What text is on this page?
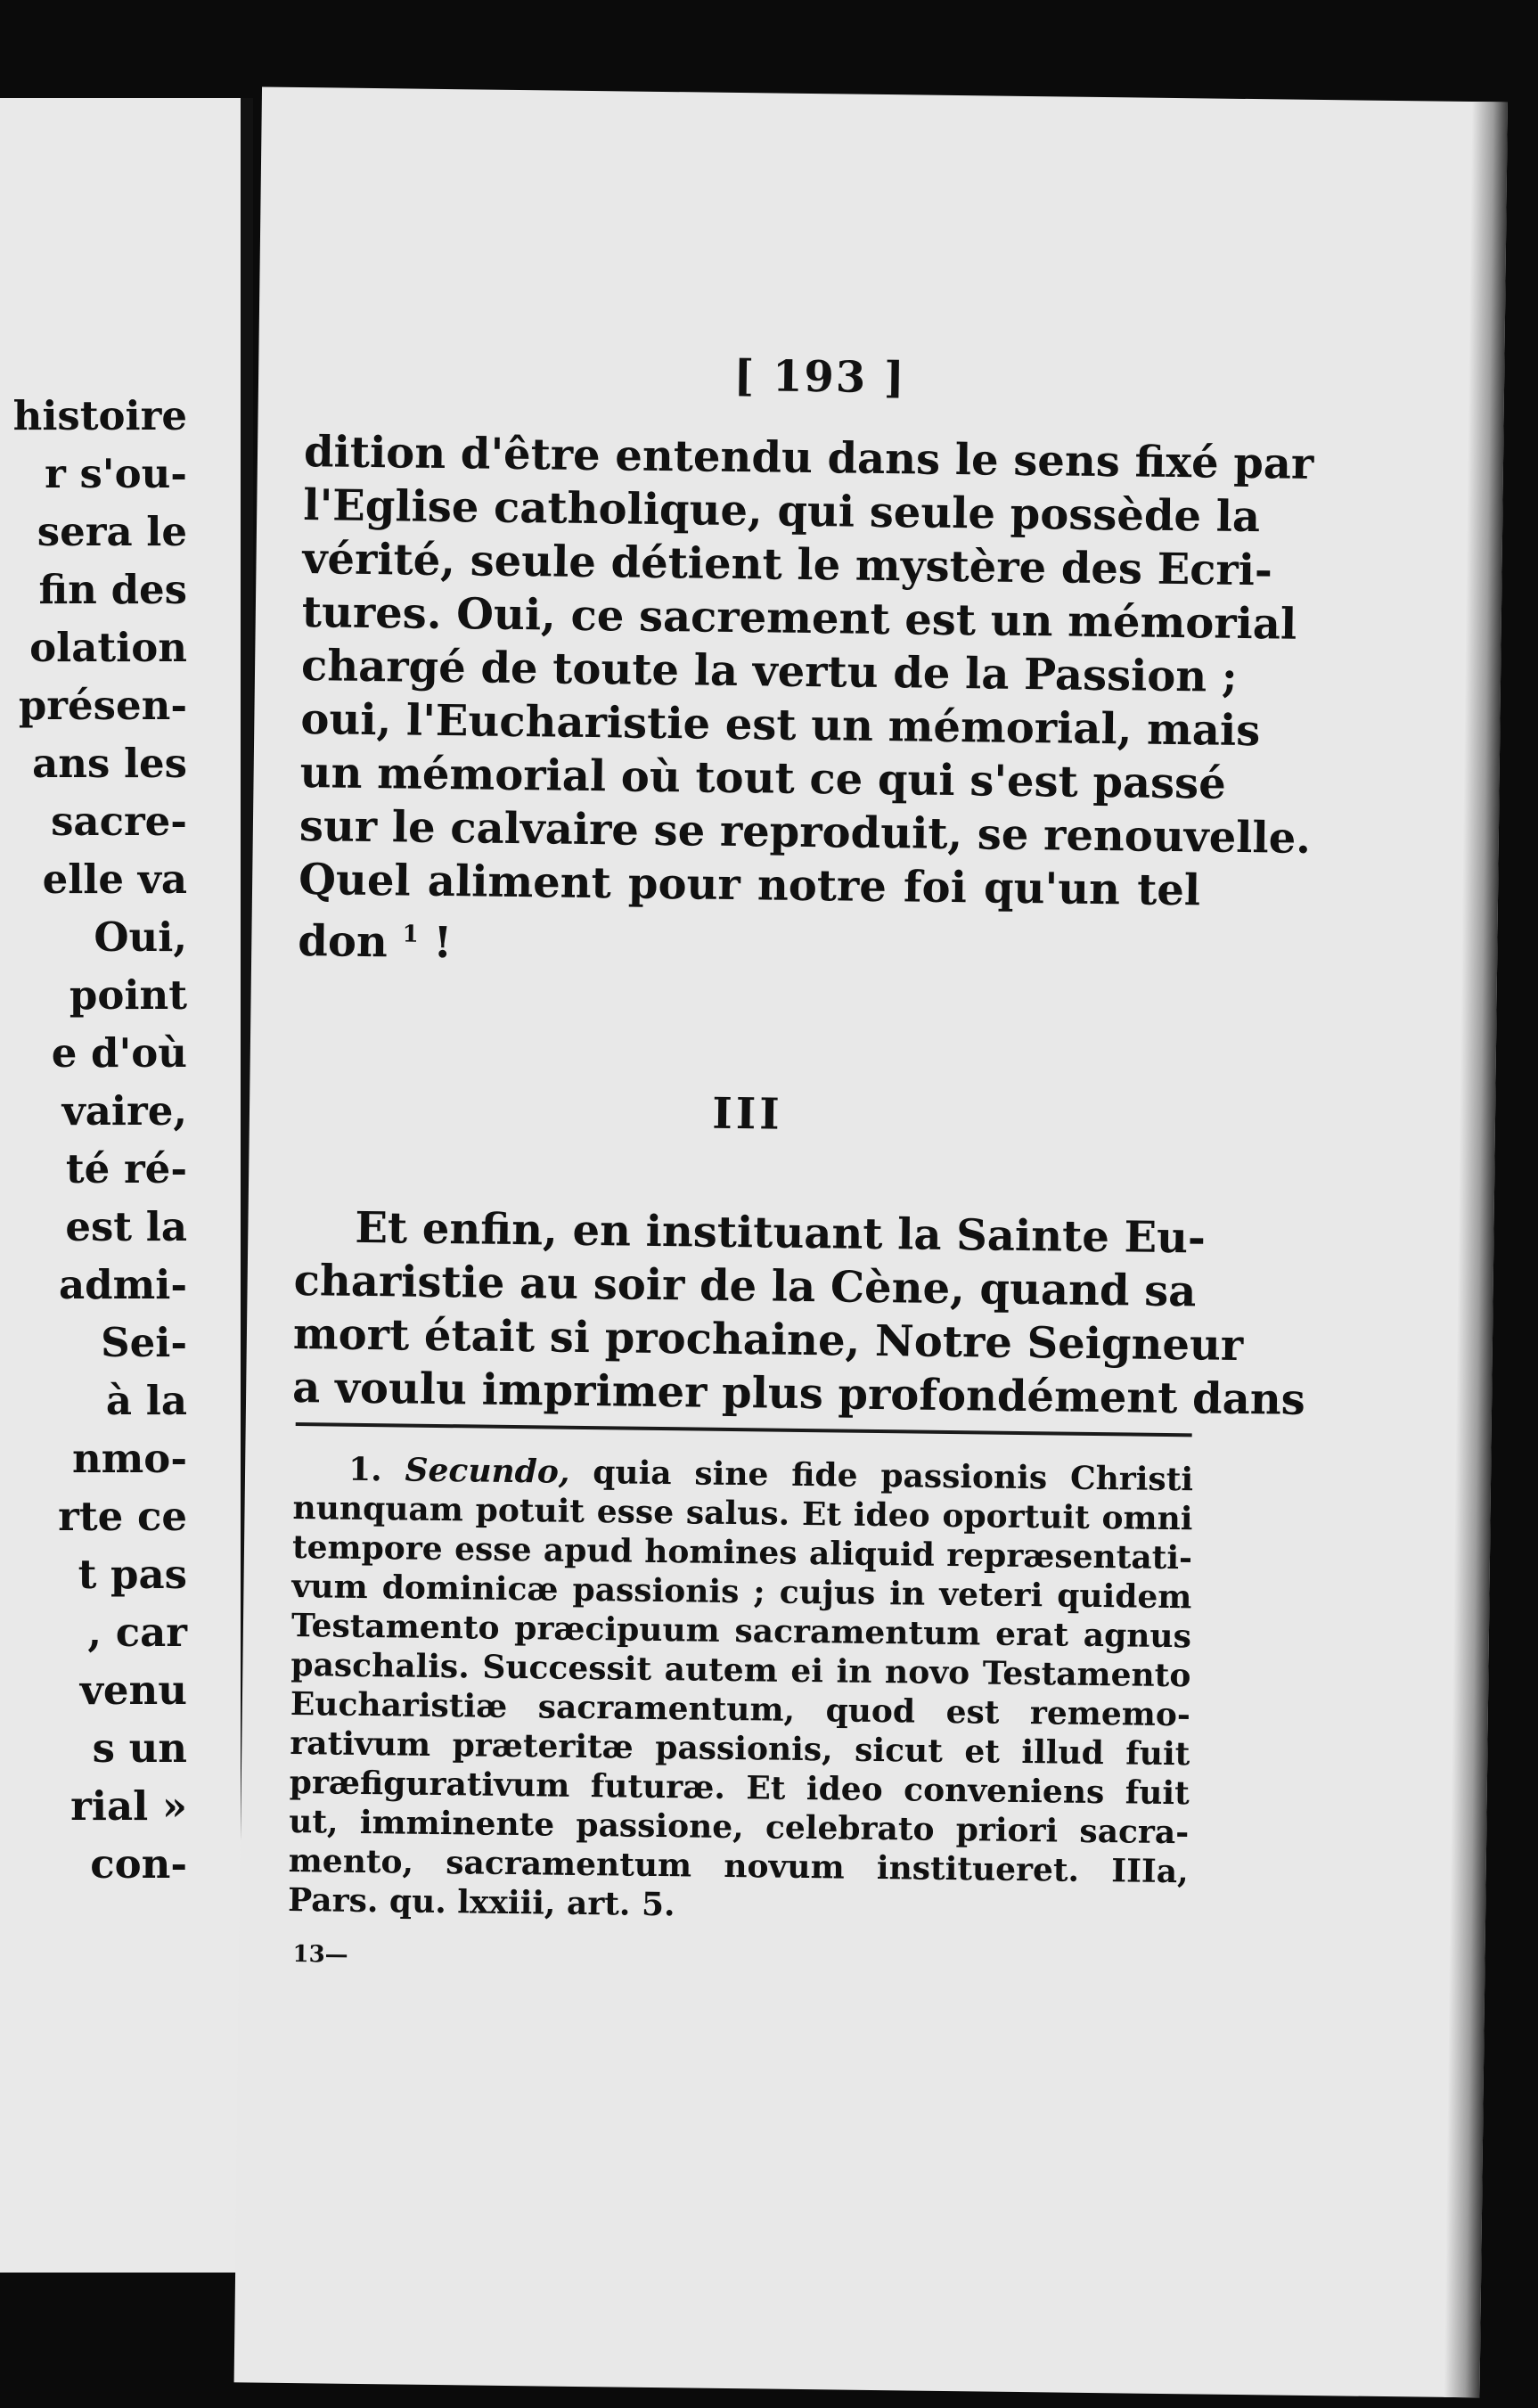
histoire
r s'ou-
sera le
fin des
olation
présen-
ans les
sacre-
elle va
Oui,
point
e d'où
vaire,
té ré-
est la
admi-
Sei-
à la
nmo-
rte ce
t pas
, car
venu
s un
rial »
con-
[ 193 ]
dition d'être entendu dans le sens fixé par
l'Eglise catholique, qui seule possède la
vérité, seule détient le mystère des Ecri-
tures. Oui, ce sacrement est un mémorial
chargé de toute la vertu de la Passion ;
oui, l'Eucharistie est un mémorial, mais
un mémorial où tout ce qui s'est passé
sur le calvaire se reproduit, se renouvelle.
Quel aliment pour notre foi qu'un tel
don $^1$ !
III
Et enfin, en instituant la Sainte Eu-
charistie au soir de la Cène, quand sa
mort était si prochaine, Notre Seigneur
a voulu imprimer plus profondément dans
1. Secundo, quia sine fide passionis Christi
nunquam potuit esse salus. Et ideo oportuit omni
tempore esse apud homines aliquid repræsentati-
vum dominicæ passionis ; cujus in veteri quidem
Testamento præcipuum sacramentum erat agnus
paschalis. Successit autem ei in novo Testamento
Eucharistiæ sacramentum, quod est rememo-
rativum præteritæ passionis, sicut et illud fuit
præfigurativum futuræ. Et ideo conveniens fuit
ut, imminente passione, celebrato priori sacra-
mento, sacramentum novum institueret. IIIa,
Pars. qu. lxxiii, art. 5.
13—
